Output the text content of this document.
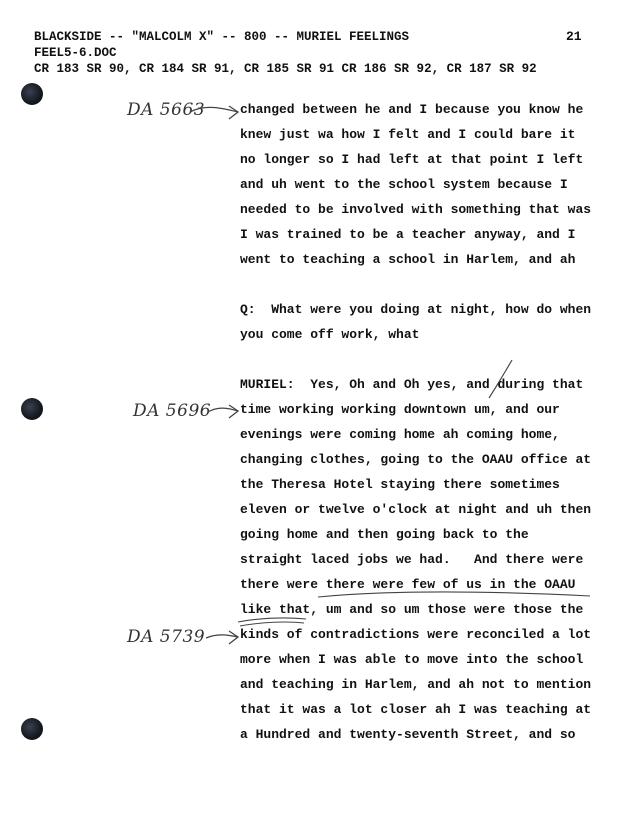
BLACKSIDE -- "MALCOLM X" -- 800 -- MURIEL FEELINGS
FEEL5-6.DOC
CR 183 SR 90, CR 184 SR 91, CR 185 SR 91 CR 186 SR 92, CR 187 SR 92
21
DA 5663
DA 5696
DA 5739
changed between he and I because you know he
knew just wa how I felt and I could bare it
no longer so I had left at that point I left
and uh went to the school system because I
needed to be involved with something that was
I was trained to be a teacher anyway, and I
went to teaching a school in Harlem, and ah
Q:  What were you doing at night, how do when
you come off work, what
MURIEL:  Yes, Oh and Oh yes, and during that
time working working downtown um, and our
evenings were coming home ah coming home,
changing clothes, going to the OAAU office at
the Theresa Hotel staying there sometimes
eleven or twelve o'clock at night and uh then
going home and then going back to the
straight laced jobs we had.   And there were
there were there were few of us in the OAAU
like that, um and so um those were those the
kinds of contradictions were reconciled a lot
more when I was able to move into the school
and teaching in Harlem, and ah not to mention
that it was a lot closer ah I was teaching at
a Hundred and twenty-seventh Street, and so
